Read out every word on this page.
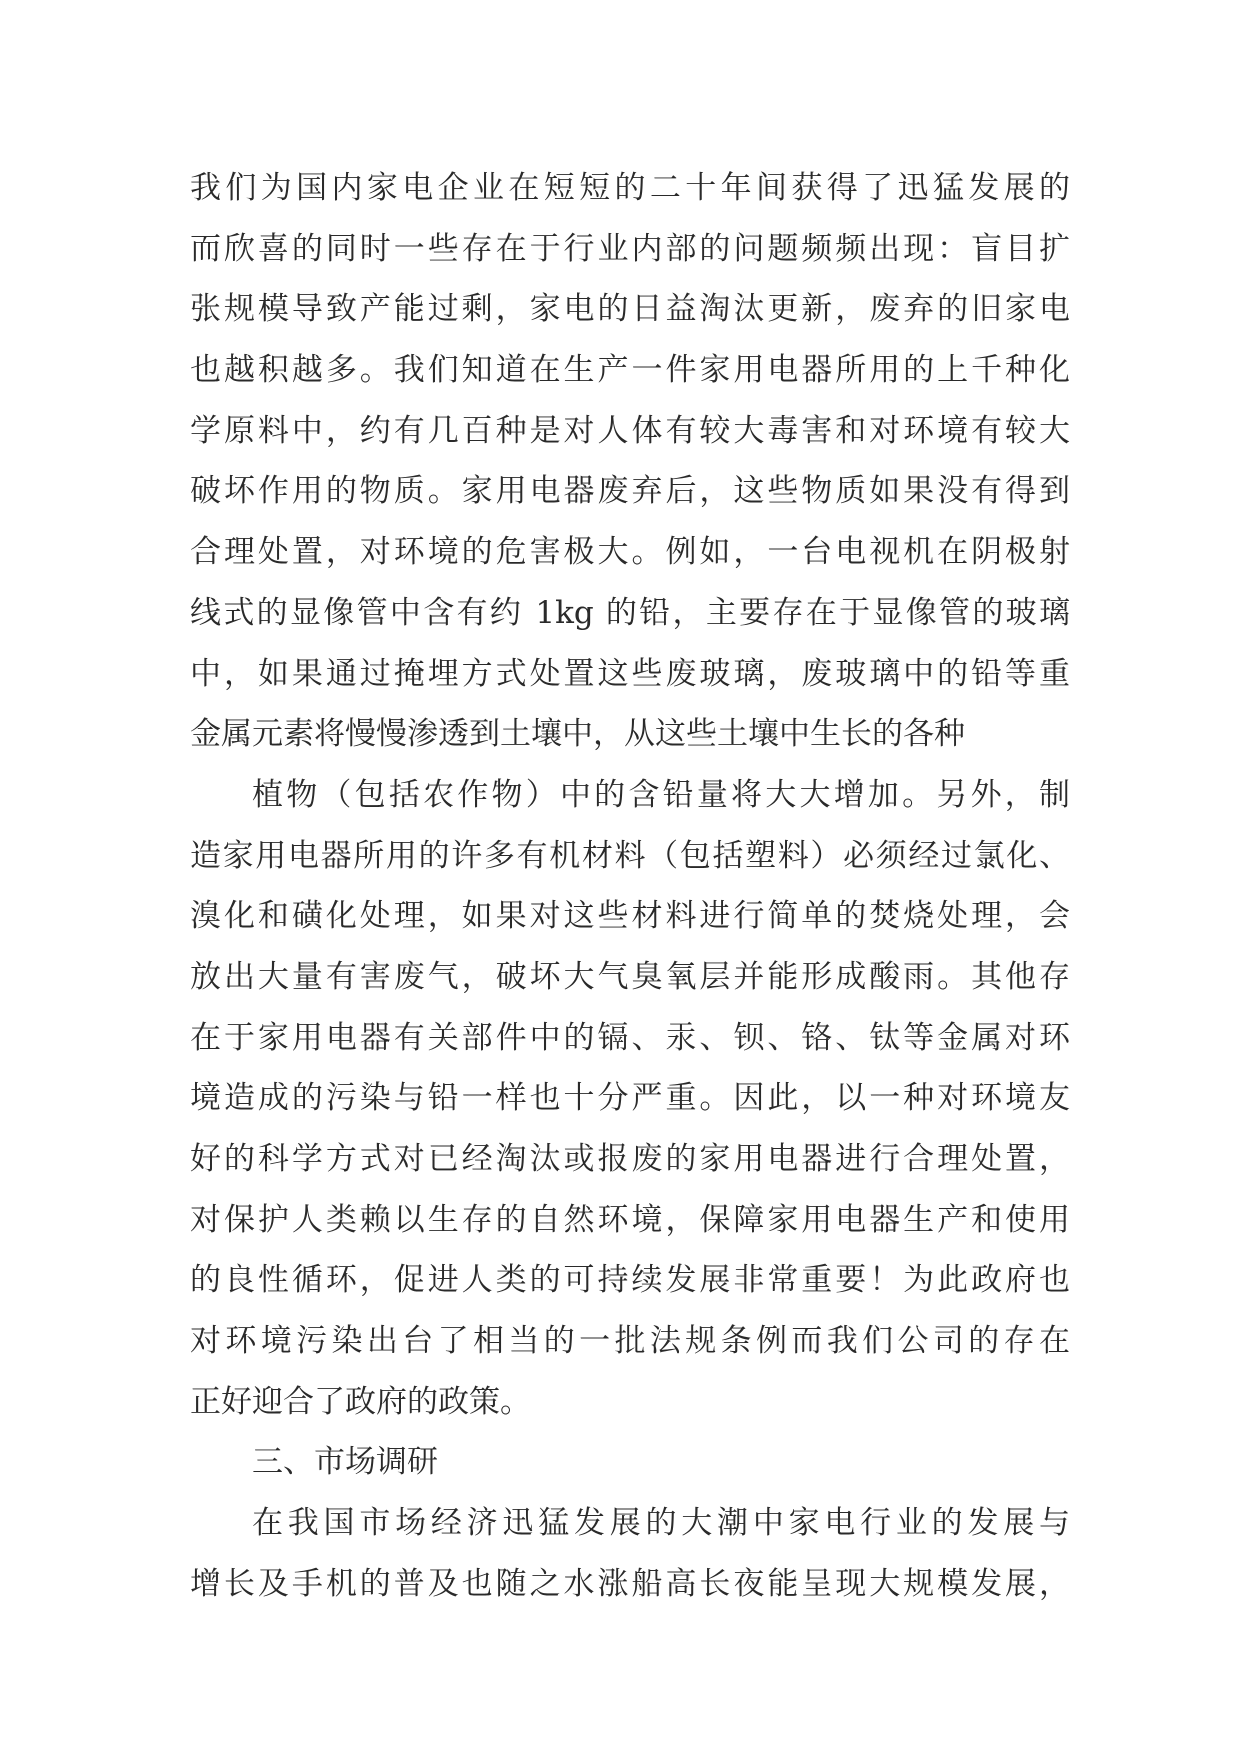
我们为国内家电企业在短短的二十年间获得了迅猛发展的
而欣喜的同时一些存在于行业内部的问题频频出现：盲目扩
张规模导致产能过剩，家电的日益淘汰更新，废弃的旧家电
也越积越多。我们知道在生产一件家用电器所用的上千种化
学原料中，约有几百种是对人体有较大毒害和对环境有较大
破坏作用的物质。家用电器废弃后，这些物质如果没有得到
合理处置，对环境的危害极大。例如，一台电视机在阴极射
线式的显像管中含有约 1kg 的铅，主要存在于显像管的玻璃
中，如果通过掩埋方式处置这些废玻璃，废玻璃中的铅等重
金属元素将慢慢渗透到土壤中，从这些土壤中生长的各种
植物（包括农作物）中的含铅量将大大增加。另外，制
造家用电器所用的许多有机材料（包括塑料）必须经过氯化、
溴化和磺化处理，如果对这些材料进行简单的焚烧处理，会
放出大量有害废气，破坏大气臭氧层并能形成酸雨。其他存
在于家用电器有关部件中的镉、汞、钡、铬、钛等金属对环
境造成的污染与铅一样也十分严重。因此，以一种对环境友
好的科学方式对已经淘汰或报废的家用电器进行合理处置，
对保护人类赖以生存的自然环境，保障家用电器生产和使用
的良性循环，促进人类的可持续发展非常重要！为此政府也
对环境污染出台了相当的一批法规条例而我们公司的存在
正好迎合了政府的政策。
三、市场调研
在我国市场经济迅猛发展的大潮中家电行业的发展与
增长及手机的普及也随之水涨船高长夜能呈现大规模发展，
